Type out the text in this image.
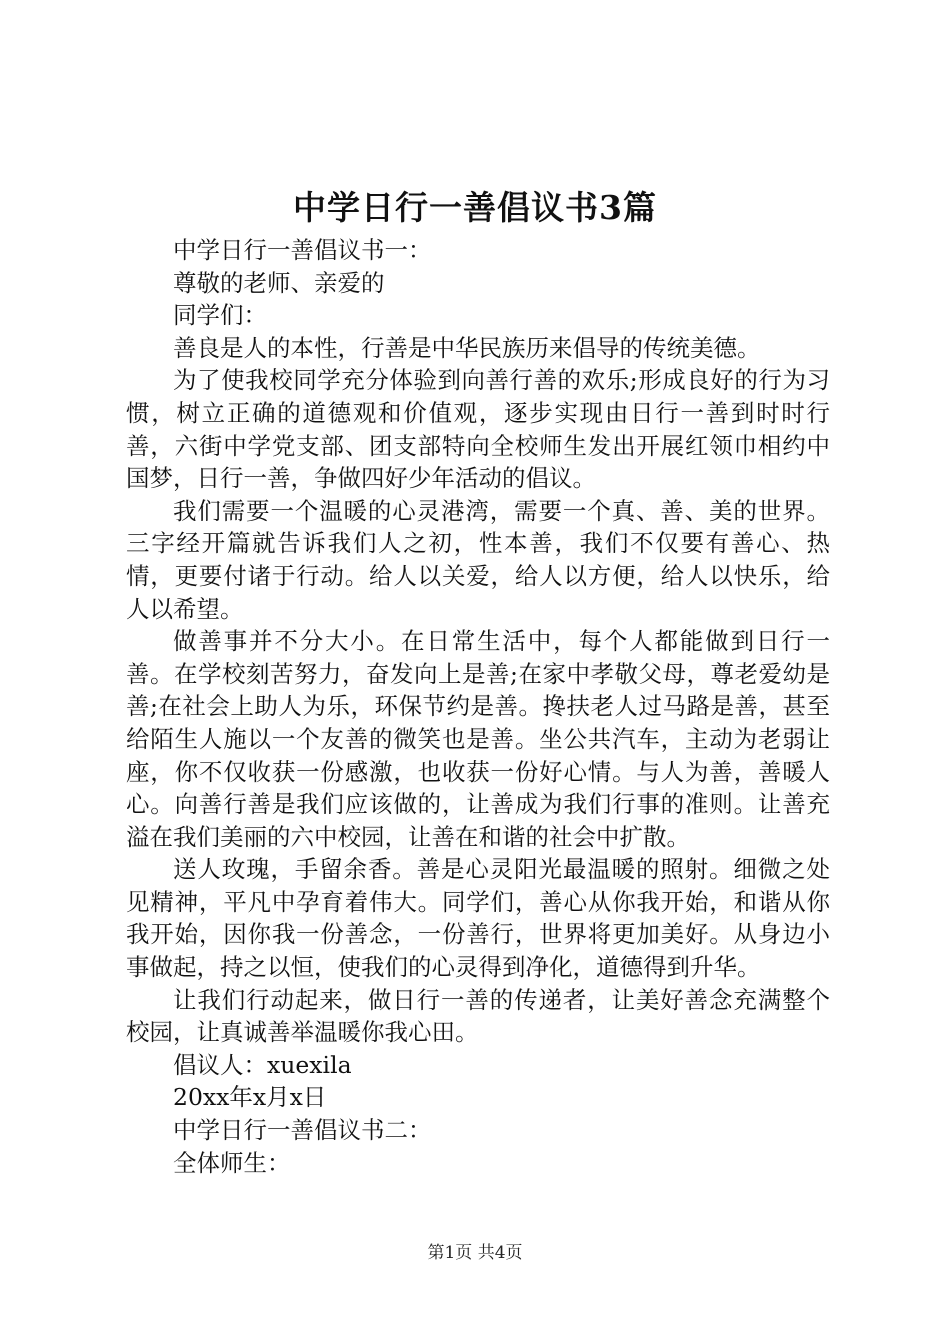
中学日行一善倡议书3篇

中学日行一善倡议书一：

尊敬的老师、亲爱的

同学们：

善良是人的本性，行善是中华民族历来倡导的传统美德。

为了使我校同学充分体验到向善行善的欢乐;形成良好的行为习惯，树立正确的道德观和价值观，逐步实现由日行一善到时时行善，六街中学党支部、团支部特向全校师生发出开展红领巾相约中国梦，日行一善，争做四好少年活动的倡议。

我们需要一个温暖的心灵港湾，需要一个真、善、美的世界。三字经开篇就告诉我们人之初，性本善，我们不仅要有善心、热情，更要付诸于行动。给人以关爱，给人以方便，给人以快乐，给人以希望。

做善事并不分大小。在日常生活中，每个人都能做到日行一善。在学校刻苦努力，奋发向上是善;在家中孝敬父母，尊老爱幼是善;在社会上助人为乐，环保节约是善。搀扶老人过马路是善，甚至给陌生人施以一个友善的微笑也是善。坐公共汽车，主动为老弱让座，你不仅收获一份感激，也收获一份好心情。与人为善，善暖人心。向善行善是我们应该做的，让善成为我们行事的准则。让善充溢在我们美丽的六中校园，让善在和谐的社会中扩散。

送人玫瑰，手留余香。善是心灵阳光最温暖的照射。细微之处见精神，平凡中孕育着伟大。同学们，善心从你我开始，和谐从你我开始，因你我一份善念，一份善行，世界将更加美好。从身边小事做起，持之以恒，使我们的心灵得到净化，道德得到升华。

让我们行动起来，做日行一善的传递者，让美好善念充满整个校园，让真诚善举温暖你我心田。

倡议人：xuexila

20xx年x月x日

中学日行一善倡议书二：

全体师生：

第1页 共4页
